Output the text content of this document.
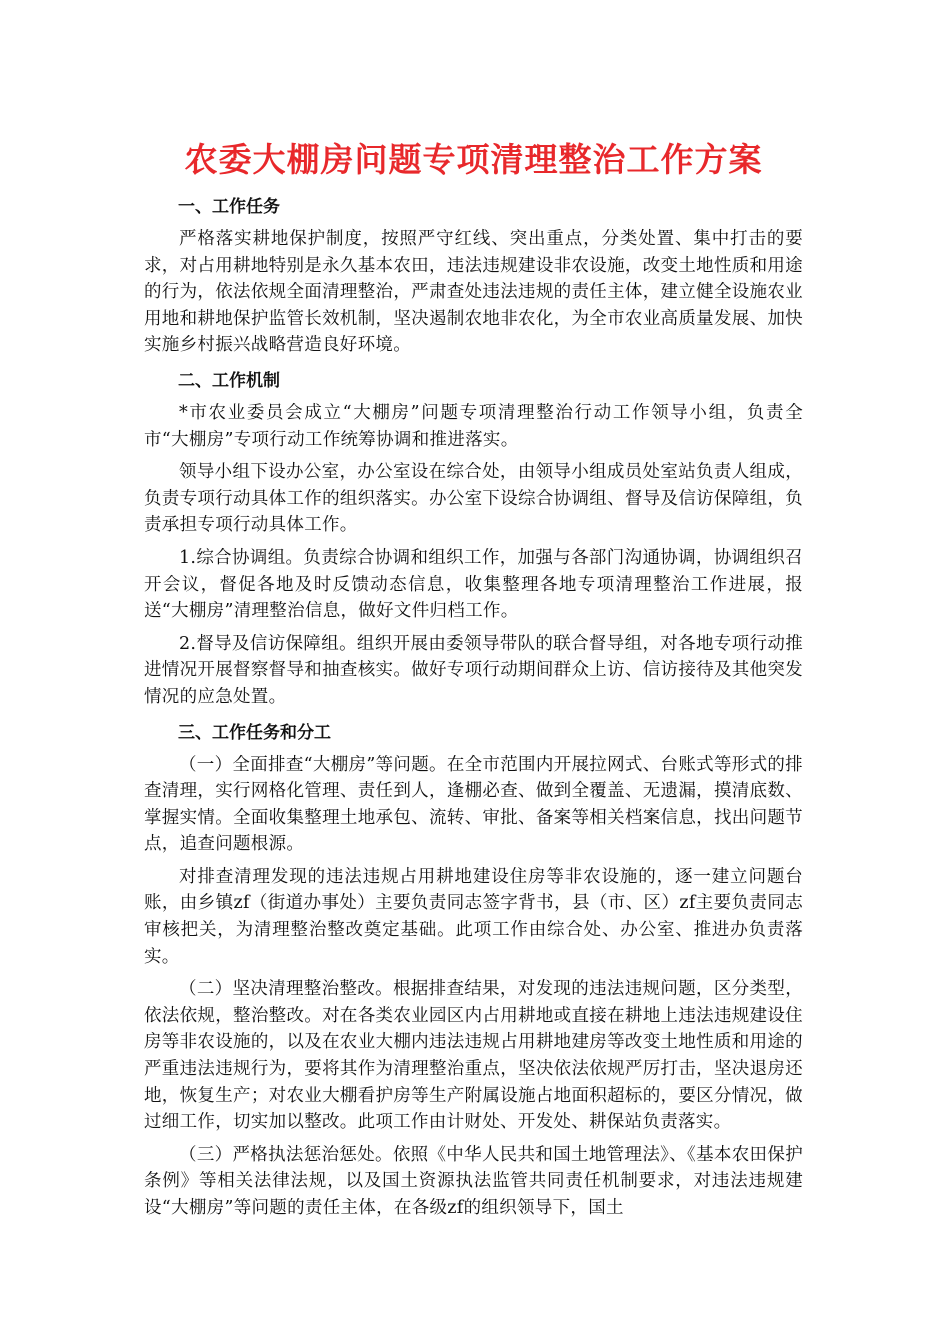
农委大棚房问题专项清理整治工作方案
一、工作任务

严格落实耕地保护制度，按照严守红线、突出重点，分类处置、集中打击的要求，对占用耕地特别是永久基本农田，违法违规建设非农设施，改变土地性质和用途的行为，依法依规全面清理整治，严肃查处违法违规的责任主体，建立健全设施农业用地和耕地保护监管长效机制，坚决遏制农地非农化，为全市农业高质量发展、加快实施乡村振兴战略营造良好环境。

二、工作机制

*市农业委员会成立“大棚房”问题专项清理整治行动工作领导小组，负责全市“大棚房”专项行动工作统筹协调和推进落实。

领导小组下设办公室，办公室设在综合处，由领导小组成员处室站负责人组成，负责专项行动具体工作的组织落实。办公室下设综合协调组、督导及信访保障组，负责承担专项行动具体工作。

1.综合协调组。负责综合协调和组织工作，加强与各部门沟通协调，协调组织召开会议，督促各地及时反馈动态信息，收集整理各地专项清理整治工作进展，报送“大棚房”清理整治信息，做好文件归档工作。

2.督导及信访保障组。组织开展由委领导带队的联合督导组，对各地专项行动推进情况开展督察督导和抽查核实。做好专项行动期间群众上访、信访接待及其他突发情况的应急处置。

三、工作任务和分工

（一）全面排查“大棚房”等问题。在全市范围内开展拉网式、台账式等形式的排查清理，实行网格化管理、责任到人，逢棚必查、做到全覆盖、无遗漏，摸清底数、掌握实情。全面收集整理土地承包、流转、审批、备案等相关档案信息，找出问题节点，追查问题根源。

对排查清理发现的违法违规占用耕地建设住房等非农设施的，逐一建立问题台账，由乡镇zf（街道办事处）主要负责同志签字背书，县（市、区）zf主要负责同志审核把关，为清理整治整改奠定基础。此项工作由综合处、办公室、推进办负责落实。

（二）坚决清理整治整改。根据排查结果，对发现的违法违规问题，区分类型，依法依规，整治整改。对在各类农业园区内占用耕地或直接在耕地上违法违规建设住房等非农设施的，以及在农业大棚内违法违规占用耕地建房等改变土地性质和用途的严重违法违规行为，要将其作为清理整治重点，坚决依法依规严厉打击，坚决退房还地，恢复生产；对农业大棚看护房等生产附属设施占地面积超标的，要区分情况，做过细工作，切实加以整改。此项工作由计财处、开发处、耕保站负责落实。

（三）严格执法惩治惩处。依照《中华人民共和国土地管理法》、《基本农田保护条例》等相关法律法规，以及国土资源执法监管共同责任机制要求，对违法违规建设“大棚房”等问题的责任主体，在各级zf的组织领导下，国土
